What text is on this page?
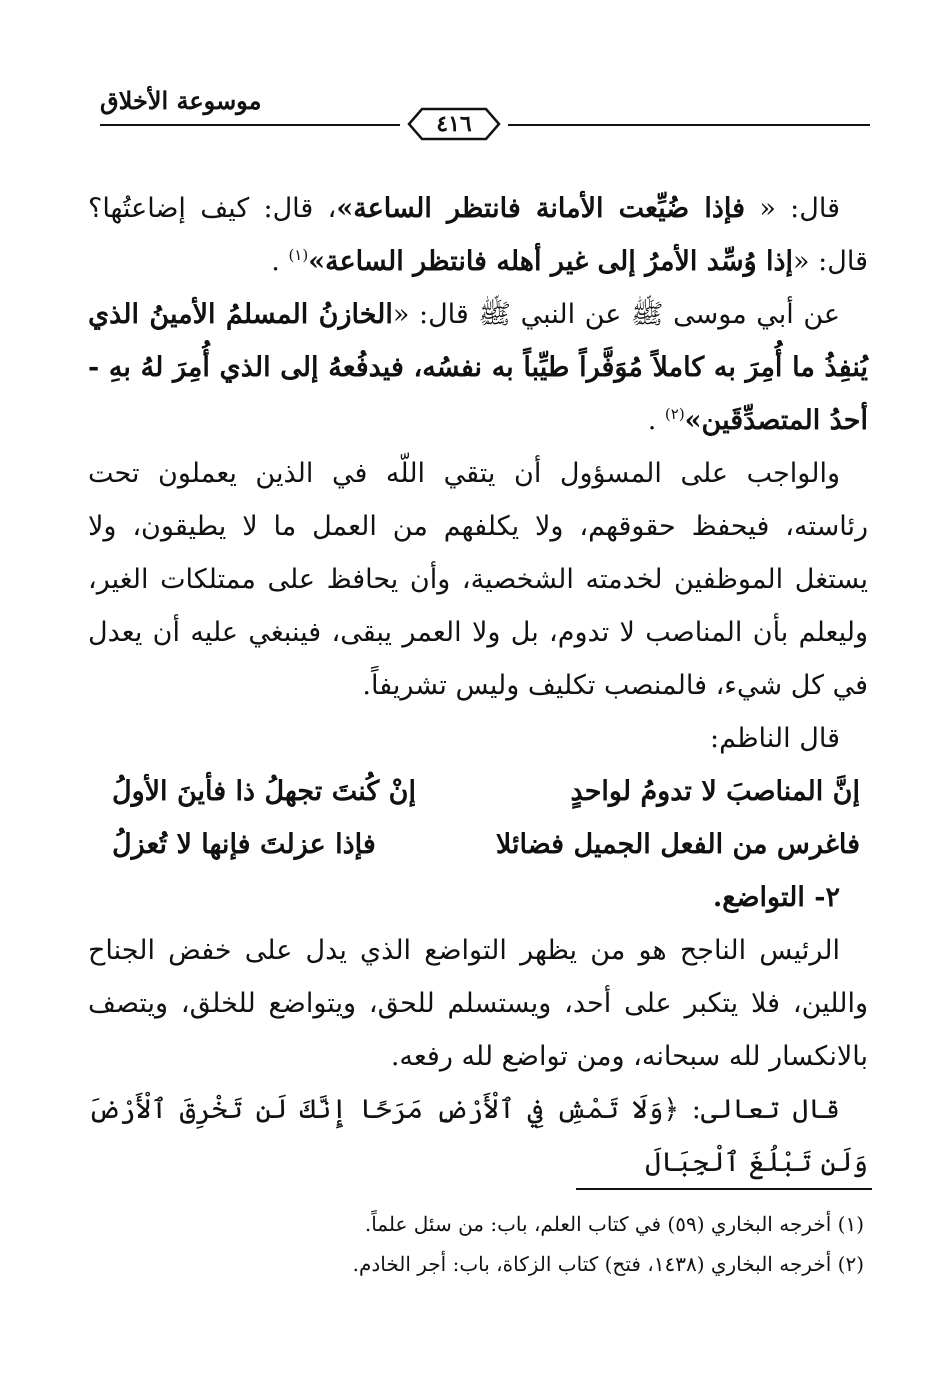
موسوعة الأخلاق
٤١٦

قال: « فإذا ضُيِّعت الأمانة فانتظر الساعة»، قال: كيف إضاعتُها؟ قال: «إذا وُسِّد الأمرُ إلى غير أهله فانتظر الساعة»$^{(١)}$ .

عن أبي موسى ﷺ عن النبي ﷺ قال: «الخازنُ المسلمُ الأمينُ الذي يُنفِذُ ما أُمِرَ به كاملاً مُوَفَّراً طيِّباً به نفسُه، فيدفُعهُ إلى الذي أُمِرَ لهُ بهِ - أحدُ المتصدِّقَين»$^{(٢)}$ .

والواجب على المسؤول أن يتقي اللّه في الذين يعملون تحت رئاسته، فيحفظ حقوقهم، ولا يكلفهم من العمل ما لا يطيقون، ولا يستغل الموظفين لخدمته الشخصية، وأن يحافظ على ممتلكات الغير، وليعلم بأن المناصب لا تدوم، بل ولا العمر يبقى، فينبغي عليه أن يعدل في كل شيء، فالمنصب تكليف وليس تشريفاً.

قال الناظم:

إنَّ المناصبَ لا تدومُ لواحدٍ
إنْ كُنتَ تجهلُ ذا فأينَ الأولُ
فاغرس من الفعل الجميل فضائلا
فإذا عزلتَ فإنها لا تُعزلُ

٢- التواضع.

الرئيس الناجح هو من يظهر التواضع الذي يدل على خفض الجناح واللين، فلا يتكبر على أحد، ويستسلم للحق، ويتواضع للخلق، ويتصف بالانكسار لله سبحانه، ومن تواضع لله رفعه.

قال تعالى: ﴿وَلَا تَمْشِ فِي ٱلْأَرْضِ مَرَحًا إِنَّكَ لَن تَخْرِقَ ٱلْأَرْضَ وَلَن تَبْلُغَ ٱلْجِبَالَ

(١) أخرجه البخاري (٥٩) في كتاب العلم، باب: من سئل علماً.

(٢) أخرجه البخاري (١٤٣٨، فتح) كتاب الزكاة، باب: أجر الخادم.
